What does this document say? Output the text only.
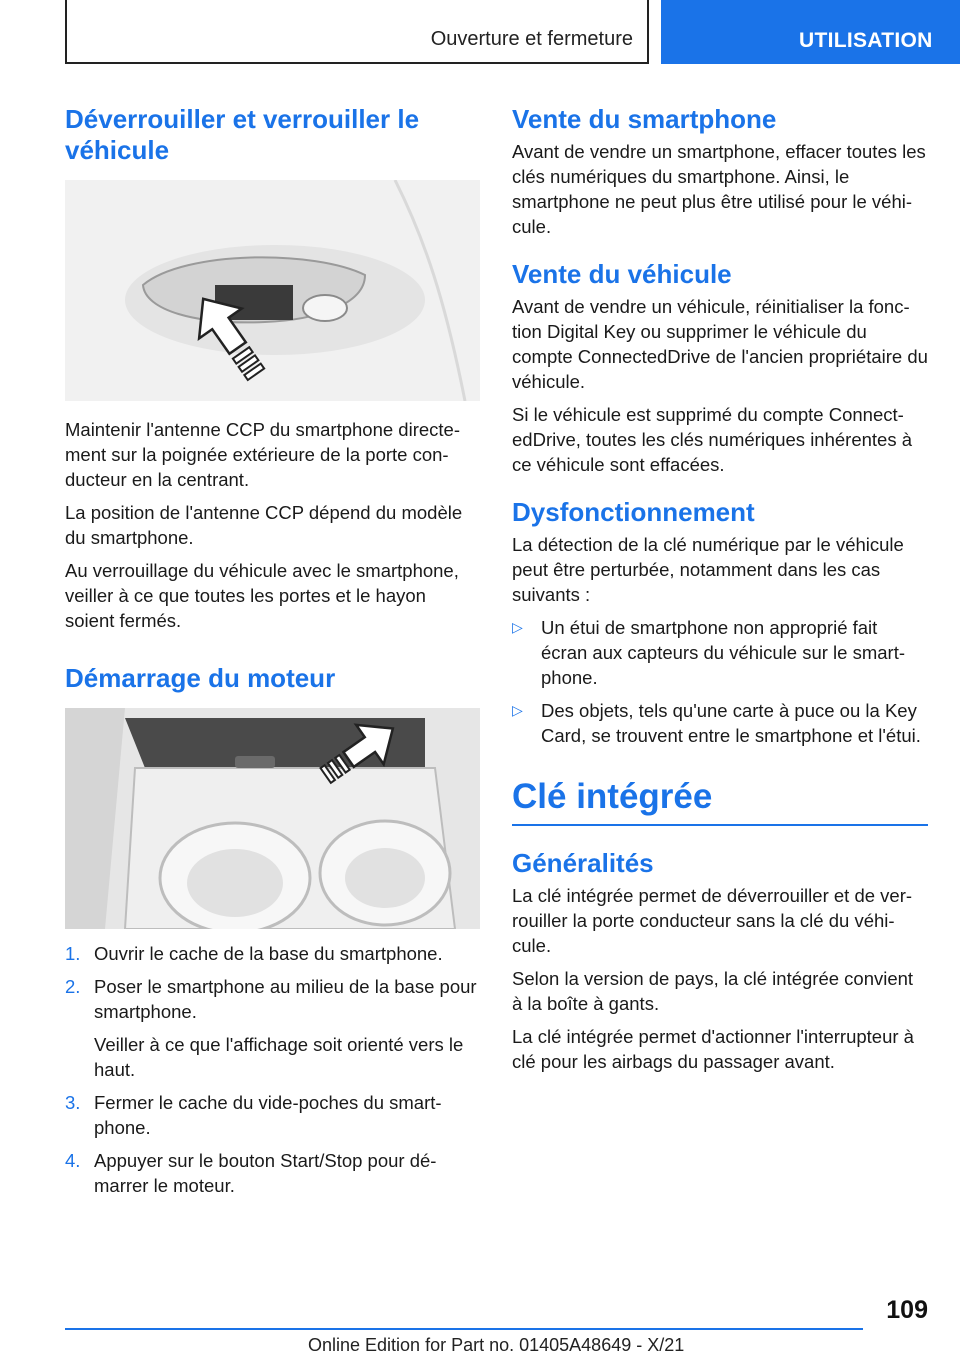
Ouverture et fermeture	UTILISATION
Déverrouiller et verrouiller le véhicule

Maintenir l'antenne CCP du smartphone directe-ment sur la poignée extérieure de la porte con-ducteur en la centrant.

La position de l'antenne CCP dépend du modèle du smartphone.

Au verrouillage du véhicule avec le smartphone, veiller à ce que toutes les portes et le hayon soient fermés.

Démarrage du moteur
1. Ouvrir le cache de la base du smartphone.
2. Poser le smartphone au milieu de la base pour smartphone.

Veiller à ce que l'affichage soit orienté vers le haut.

3. Fermer le cache du vide-poches du smart-phone.
4. Appuyer sur le bouton Start/Stop pour dé-marrer le moteur.
Vente du smartphone

Avant de vendre un smartphone, effacer toutes les clés numériques du smartphone. Ainsi, le smartphone ne peut plus être utilisé pour le véhi-cule.

Vente du véhicule

Avant de vendre un véhicule, réinitialiser la fonc-tion Digital Key ou supprimer le véhicule du compte ConnectedDrive de l'ancien propriétaire du véhicule.

Si le véhicule est supprimé du compte Connect-edDrive, toutes les clés numériques inhérentes à ce véhicule sont effacées.

Dysfonctionnement

La détection de la clé numérique par le véhicule peut être perturbée, notamment dans les cas suivants :

▷ Un étui de smartphone non approprié fait écran aux capteurs du véhicule sur le smart-phone.
▷ Des objets, tels qu'une carte à puce ou la Key Card, se trouvent entre le smartphone et l'étui.
Clé intégrée
Généralités

La clé intégrée permet de déverrouiller et de ver-rouiller la porte conducteur sans la clé du véhi-cule.

Selon la version de pays, la clé intégrée convient à la boîte à gants.

La clé intégrée permet d'actionner l'interrupteur à clé pour les airbags du passager avant.

109
Online Edition for Part no. 01405A48649 - X/21
